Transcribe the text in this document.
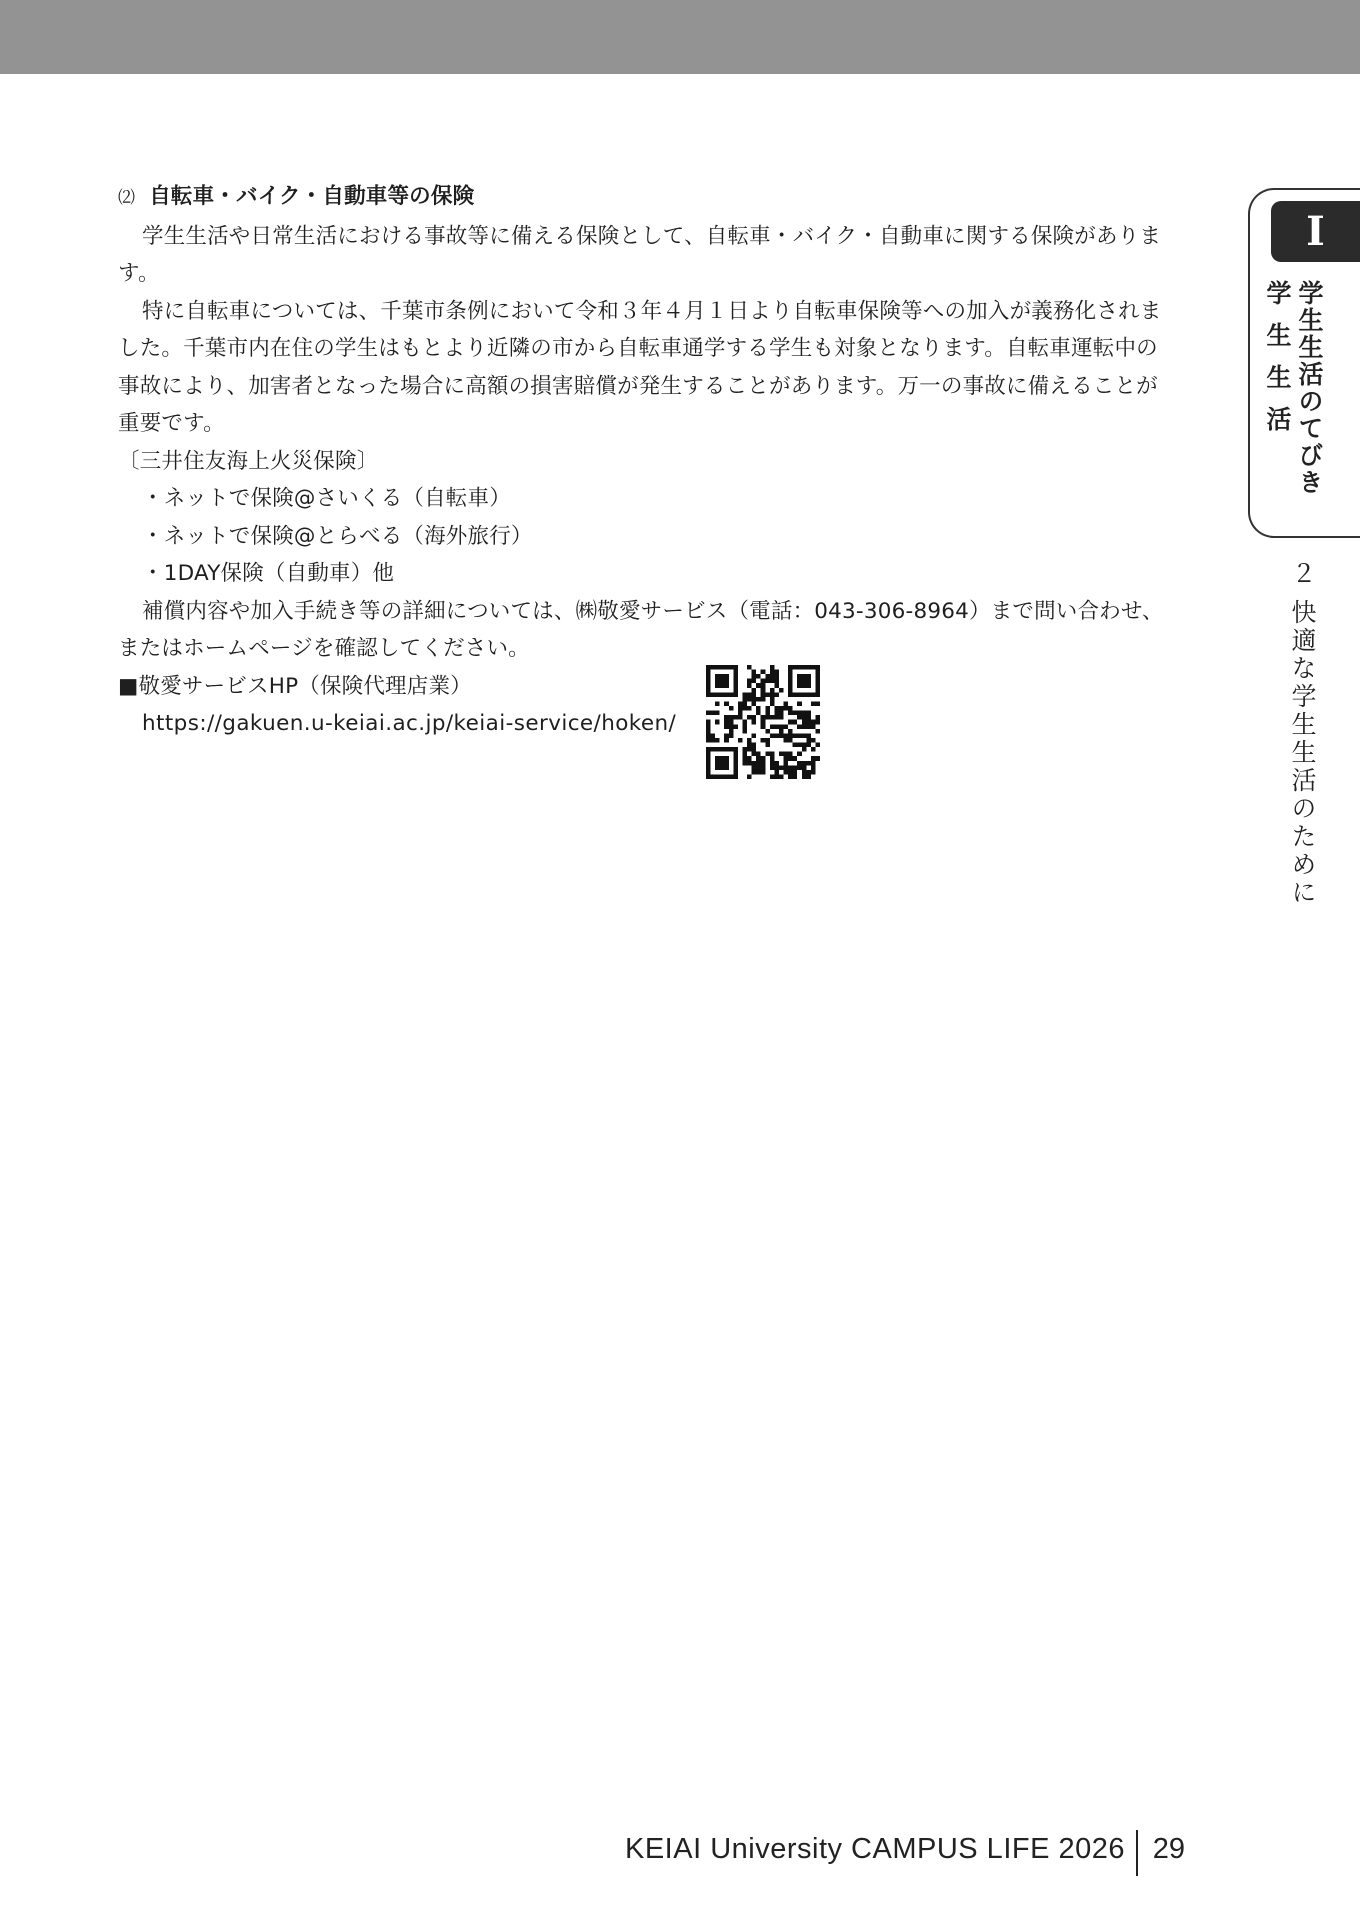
⑵ 自転車・バイク・自動車等の保険

学生生活や日常生活における事故等に備える保険として、自転車・バイク・自動車に関する保険があります。

特に自転車については、千葉市条例において令和３年４月１日より自転車保険等への加入が義務化されました。千葉市内在住の学生はもとより近隣の市から自転車通学する学生も対象となります。自転車運転中の事故により、加害者となった場合に高額の損害賠償が発生することがあります。万一の事故に備えることが重要です。

〔三井住友海上火災保険〕

・ネットで保険@さいくる（自転車）

・ネットで保険@とらべる（海外旅行）

・1DAY保険（自動車）他

補償内容や加入手続き等の詳細については、㈱敬愛サービス（電話：043-306-8964）まで問い合わせ、またはホームページを確認してください。

■敬愛サービスHP（保険代理店業）

https://gakuen.u-keiai.ac.jp/keiai-service/hoken/

I
学生生活のてびき
学生生活
２ 快適な学生生活のために
KEIAI University CAMPUS LIFE 2026 29
